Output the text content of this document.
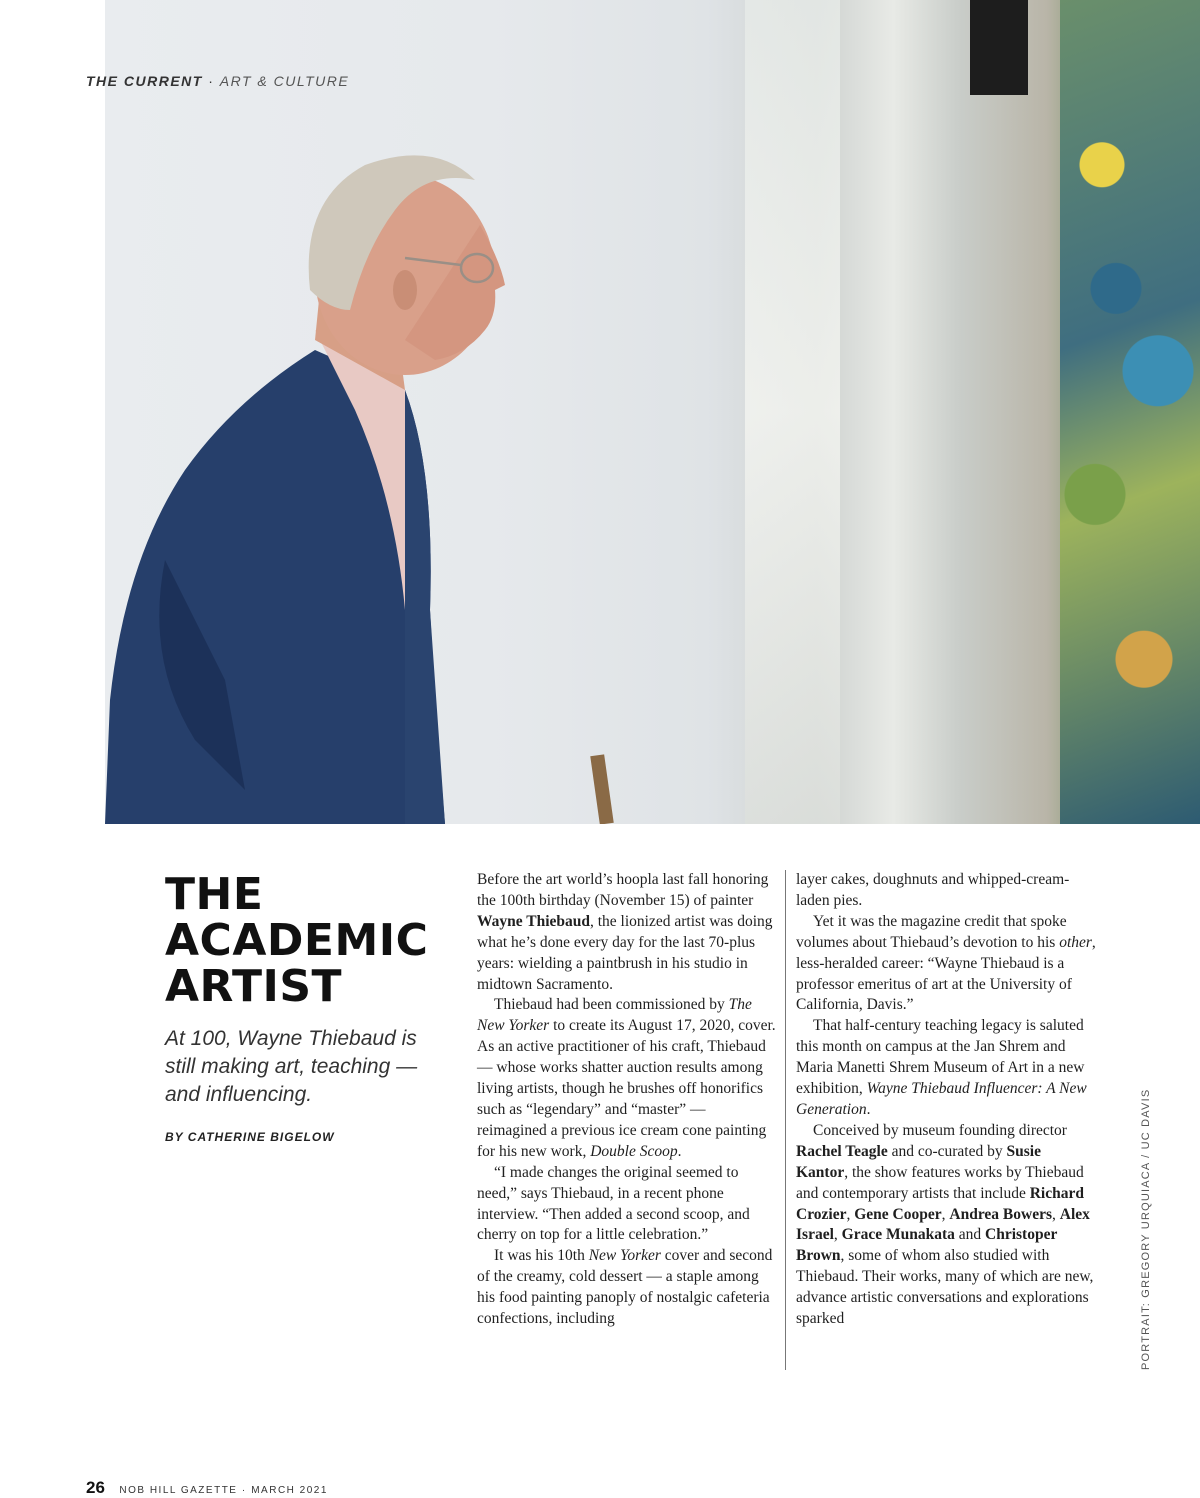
THE CURRENT · ART & CULTURE
THE
ACADEMIC
ARTIST

At 100, Wayne Thiebaud is still making art, teaching — and influencing.

BY CATHERINE BIGELOW

Before the art world’s hoopla last fall honoring the 100th birthday (November 15) of painter Wayne Thiebaud, the lionized artist was doing what he’s done every day for the last 70-plus years: wielding a paintbrush in his studio in midtown Sacramento.

Thiebaud had been commissioned by The New Yorker to create its August 17, 2020, cover. As an active practitioner of his craft, Thiebaud — whose works shatter auction results among living artists, though he brushes off honorifics such as “legendary” and “master” — reimagined a previous ice cream cone painting for his new work, Double Scoop.

“I made changes the original seemed to need,” says Thiebaud, in a recent phone interview. “Then added a second scoop, and cherry on top for a little celebration.”

It was his 10th New Yorker cover and second of the creamy, cold dessert — a staple among his food painting panoply of nostalgic cafeteria confections, including

layer cakes, doughnuts and whipped-cream-laden pies.

Yet it was the magazine credit that spoke volumes about Thiebaud’s devotion to his other, less-heralded career: “Wayne Thiebaud is a professor emeritus of art at the University of California, Davis.”

That half-century teaching legacy is saluted this month on campus at the Jan Shrem and Maria Manetti Shrem Museum of Art in a new exhibition, Wayne Thiebaud Influencer: A New Generation.

Conceived by museum founding director Rachel Teagle and co-curated by Susie Kantor, the show features works by Thiebaud and contemporary artists that include Richard Crozier, Gene Cooper, Andrea Bowers, Alex Israel, Grace Munakata and Christoper Brown, some of whom also studied with Thiebaud. Their works, many of which are new, advance artistic conversations and explorations sparked	PORTRAIT: GREGORY URQUIACA / UC DAVIS
26 NOB HILL GAZETTE · MARCH 2021
